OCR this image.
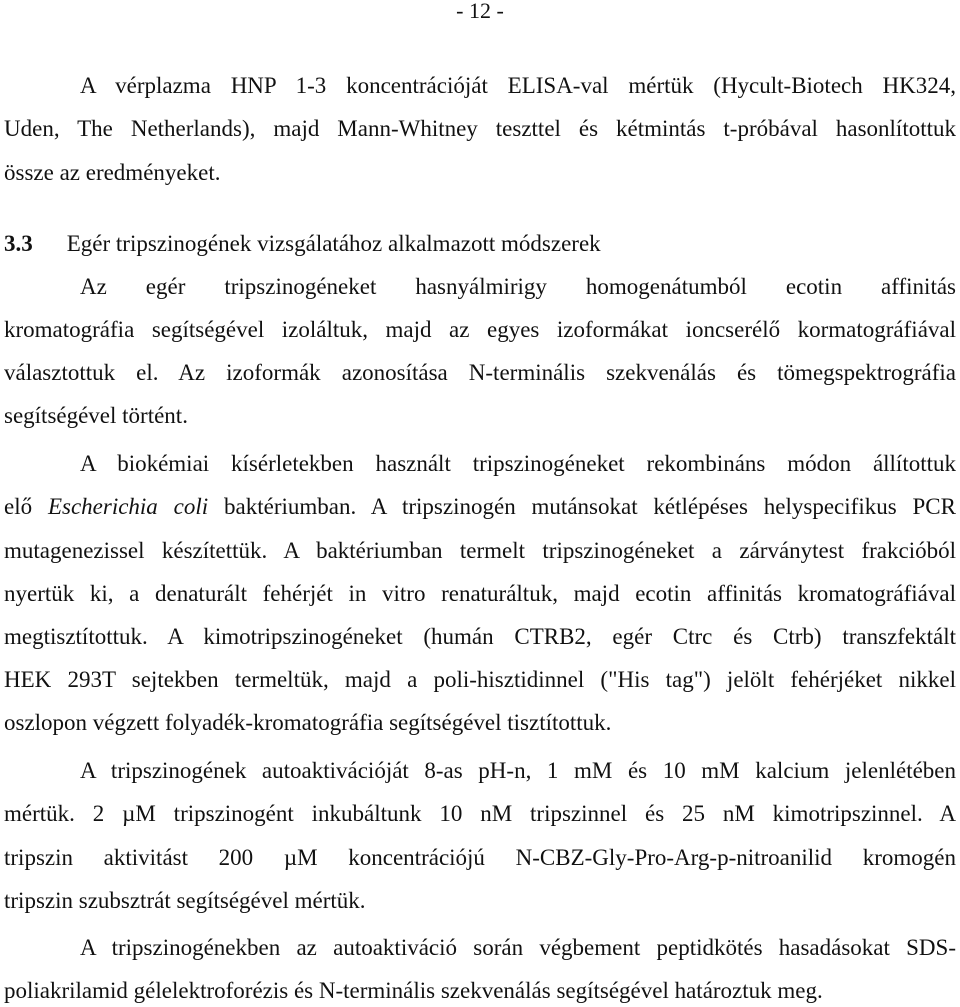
- 12 -
A vérplazma HNP 1-3 koncentrációját ELISA-val mértük (Hycult-Biotech HK324,
Uden, The Netherlands), majd Mann-Whitney teszttel és kétmintás t-próbával hasonlítottuk
össze az eredményeket.
3.3 Egér tripszinogének vizsgálatához alkalmazott módszerek
Az egér tripszinogéneket hasnyálmirigy homogenátumból ecotin affinitás
kromatográfia segítségével izoláltuk, majd az egyes izoformákat ioncserélő kormatográfiával
választottuk el. Az izoformák azonosítása N-terminális szekvenálás és tömegspektrográfia
segítségével történt.
A biokémiai kísérletekben használt tripszinogéneket rekombináns módon állítottuk
elő Escherichia coli baktériumban. A tripszinogén mutánsokat kétlépéses helyspecifikus PCR
mutagenezissel készítettük. A baktériumban termelt tripszinogéneket a zárványtest frakcióból
nyertük ki, a denaturált fehérjét in vitro renaturáltuk, majd ecotin affinitás kromatográfiával
megtisztítottuk. A kimotripszinogéneket (humán CTRB2, egér Ctrc és Ctrb) transzfektált
HEK 293T sejtekben termeltük, majd a poli-hisztidinnel ("His tag") jelölt fehérjéket nikkel
oszlopon végzett folyadék-kromatográfia segítségével tisztítottuk.
A tripszinogének autoaktivációját 8-as pH-n, 1 mM és 10 mM kalcium jelenlétében
mértük. 2 µM tripszinogént inkubáltunk 10 nM tripszinnel és 25 nM kimotripszinnel. A
tripszin aktivitást 200 µM koncentrációjú N-CBZ-Gly-Pro-Arg-p-nitroanilid kromogén
tripszin szubsztrát segítségével mértük.
A tripszinogénekben az autoaktiváció során végbement peptidkötés hasadásokat SDS-
poliakrilamid gélelektroforézis és N-terminális szekvenálás segítségével határoztuk meg.
